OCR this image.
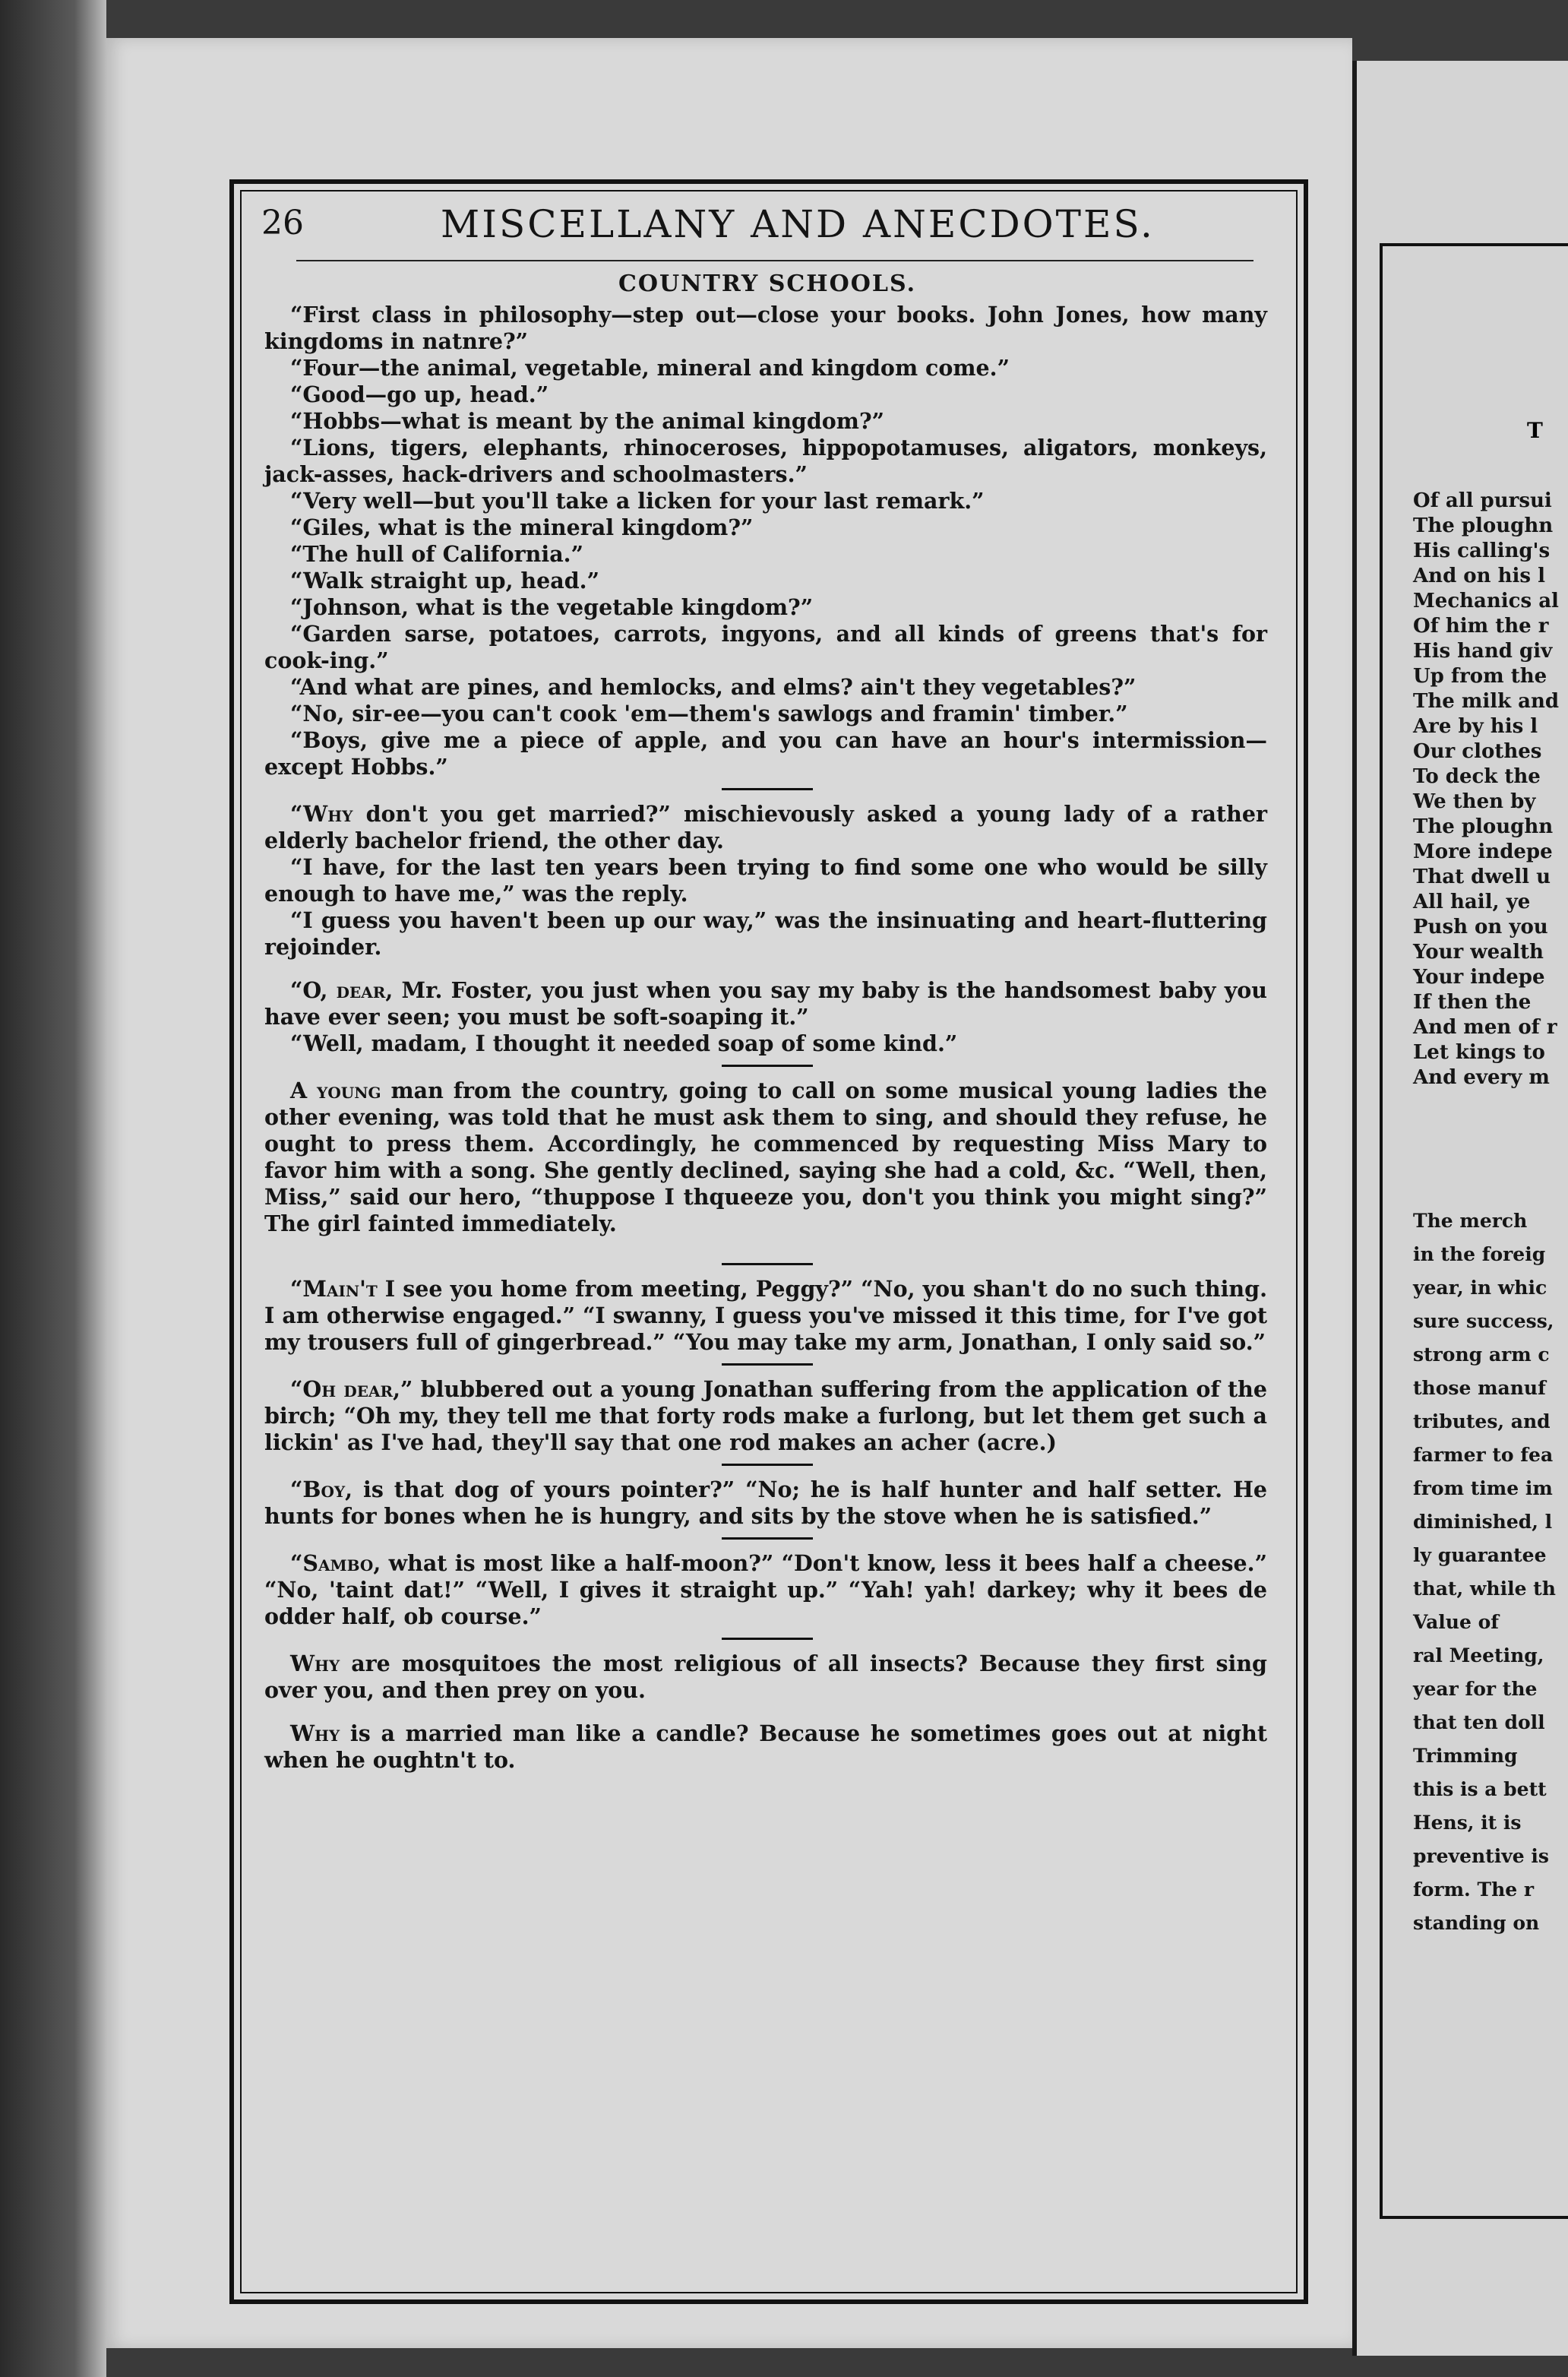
T
Of all pursui
The ploughn
His calling's
And on his l
Mechanics al
Of him the r
His hand giv
Up from the
The milk and
Are by his l
Our clothes
To deck the
We then by
The ploughn
More indepe
That dwell u
All hail, ye
Push on you
Your wealth
Your indepe
If then the
And men of r
Let kings to
And every m
The merch
in the foreig
year, in whic
sure success,
strong arm c
those manuf
tributes, and
farmer to fea
from time im
diminished, l
ly guarantee
that, while th
Value of
ral Meeting,
year for the
that ten doll
Trimming
this is a bett
Hens, it is
preventive is
form. The r
standing on
26	MISCELLANY AND ANECDOTES.
COUNTRY SCHOOLS.

“First class in philosophy—step out—close your books. John Jones, how many kingdoms in natnre?”

“Four—the animal, vegetable, mineral and kingdom come.”

“Good—go up, head.”

“Hobbs—what is meant by the animal kingdom?”

“Lions, tigers, elephants, rhinoceroses, hippopotamuses, aligators, monkeys, jack-asses, hack-drivers and schoolmasters.”

“Very well—but you'll take a licken for your last remark.”

“Giles, what is the mineral kingdom?”

“The hull of California.”

“Walk straight up, head.”

“Johnson, what is the vegetable kingdom?”

“Garden sarse, potatoes, carrots, ingyons, and all kinds of greens that's for cook-ing.”

“And what are pines, and hemlocks, and elms? ain't they vegetables?”

“No, sir-ee—you can't cook 'em—them's sawlogs and framin' timber.”

“Boys, give me a piece of apple, and you can have an hour's intermission—except Hobbs.”

“Why don't you get married?” mischievously asked a young lady of a rather elderly bachelor friend, the other day.

“I have, for the last ten years been trying to find some one who would be silly enough to have me,” was the reply.

“I guess you haven't been up our way,” was the insinuating and heart-fluttering rejoinder.

“O, dear, Mr. Foster, you just when you say my baby is the handsomest baby you have ever seen; you must be soft-soaping it.”

“Well, madam, I thought it needed soap of some kind.”

A young man from the country, going to call on some musical young ladies the other evening, was told that he must ask them to sing, and should they refuse, he ought to press them. Accordingly, he commenced by requesting Miss Mary to favor him with a song. She gently declined, saying she had a cold, &c. “Well, then, Miss,” said our hero, “thuppose I thqueeze you, don't you think you might sing?” The girl fainted immediately.

“Main't I see you home from meeting, Peggy?” “No, you shan't do no such thing. I am otherwise engaged.” “I swanny, I guess you've missed it this time, for I've got my trousers full of gingerbread.” “You may take my arm, Jonathan, I only said so.”

“Oh dear,” blubbered out a young Jonathan suffering from the application of the birch; “Oh my, they tell me that forty rods make a furlong, but let them get such a lickin' as I've had, they'll say that one rod makes an acher (acre.)

“Boy, is that dog of yours pointer?” “No; he is half hunter and half setter. He hunts for bones when he is hungry, and sits by the stove when he is satisfied.”

“Sambo, what is most like a half-moon?” “Don't know, less it bees half a cheese.” “No, 'taint dat!” “Well, I gives it straight up.” “Yah! yah! darkey; why it bees de odder half, ob course.”

Why are mosquitoes the most religious of all insects? Because they first sing over you, and then prey on you.

Why is a married man like a candle? Because he sometimes goes out at night when he oughtn't to.
